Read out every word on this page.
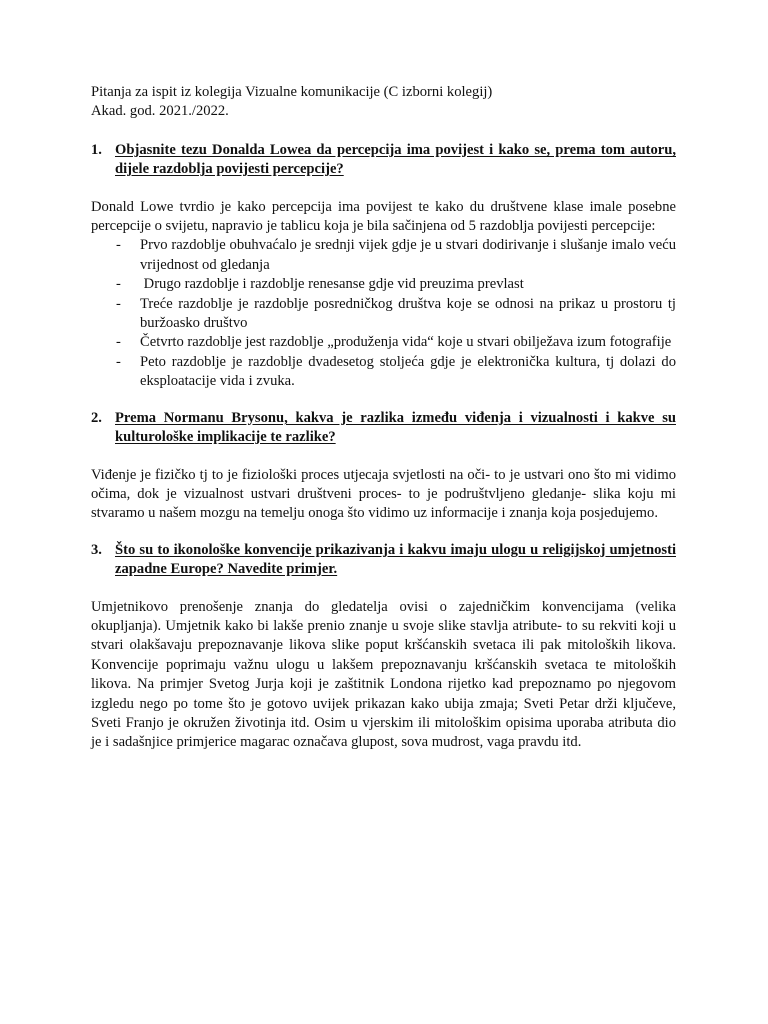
Pitanja za ispit iz kolegija Vizualne komunikacije (C izborni kolegij)

Akad. god. 2021./2022.

1. Objasnite tezu Donalda Lowea da percepcija ima povijest i kako se, prema tom autoru, dijele razdoblja povijesti percepcije?

Donald Lowe tvrdio je kako percepcija ima povijest te kako du društvene klase imale posebne percepcije o svijetu, napravio je tablicu koja je bila sačinjena od 5 razdoblja povijesti percepcije:

- Prvo razdoblje obuhvaćalo je srednji vijek gdje je u stvari dodirivanje i slušanje imalo veću vrijednost od gledanja
- Drugo razdoblje i razdoblje renesanse gdje vid preuzima prevlast
- Treće razdoblje je razdoblje posredničkog društva koje se odnosi na prikaz u prostoru tj buržoasko društvo
- Četvrto razdoblje jest razdoblje „produženja vida“ koje u stvari obilježava izum fotografije
- Peto razdoblje je razdoblje dvadesetog stoljeća gdje je elektronička kultura, tj dolazi do eksploatacije vida i zvuka.

2. Prema Normanu Brysonu, kakva je razlika između viđenja i vizualnosti i kakve su kulturološke implikacije te razlike?

Viđenje je fizičko tj to je fiziološki proces utjecaja svjetlosti na oči- to je ustvari ono što mi vidimo očima, dok je vizualnost ustvari društveni proces- to je podruštvljeno gledanje- slika koju mi stvaramo u našem mozgu na temelju onoga što vidimo uz informacije i znanja koja posjedujemo.

3. Što su to ikonološke konvencije prikazivanja i kakvu imaju ulogu u religijskoj umjetnosti zapadne Europe? Navedite primjer.

Umjetnikovo prenošenje znanja do gledatelja ovisi o zajedničkim konvencijama (velika okupljanja). Umjetnik kako bi lakše prenio znanje u svoje slike stavlja atribute- to su rekviti koji u stvari olakšavaju prepoznavanje likova slike poput kršćanskih svetaca ili pak mitoloških likova. Konvencije poprimaju važnu ulogu u lakšem prepoznavanju kršćanskih svetaca te mitoloških likova. Na primjer Svetog Jurja koji je zaštitnik Londona rijetko kad prepoznamo po njegovom izgledu nego po tome što je gotovo uvijek prikazan kako ubija zmaja; Sveti Petar drži ključeve, Sveti Franjo je okružen životinja itd. Osim u vjerskim ili mitološkim opisima uporaba atributa dio je i sadašnjice primjerice magarac označava glupost, sova mudrost, vaga pravdu itd.
